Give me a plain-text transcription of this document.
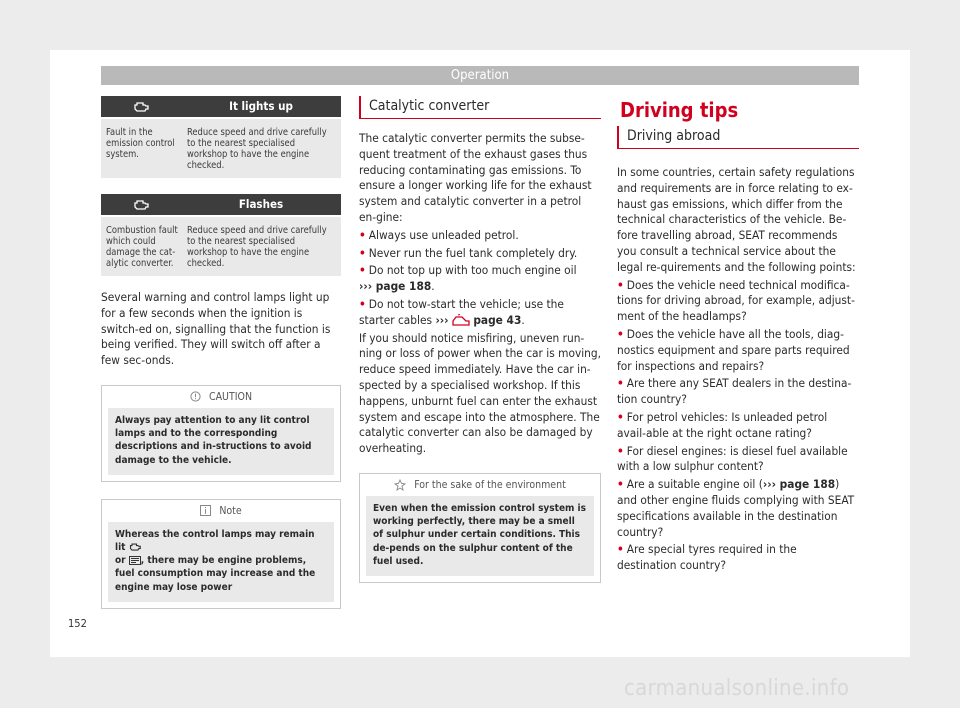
Operation
It lights up
Fault in the emission control system.
Reduce speed and drive carefully to the nearest specialised workshop to have the engine checked.
Flashes
Combustion fault which could damage the cat-alytic converter.
Reduce speed and drive carefully to the nearest specialised workshop to have the engine checked.

Several warning and control lamps light up for a few seconds when the ignition is switch-ed on, signalling that the function is being verified. They will switch off after a few sec-onds.

CAUTION
Always pay attention to any lit control lamps and to the corresponding descriptions and in-structions to avoid damage to the vehicle.
Note
Whereas the control lamps may remain lit
or , there may be engine problems, fuel consumption may increase and the engine may lose power
Catalytic converter

The catalytic converter permits the subse-quent treatment of the exhaust gases thus reducing contaminating gas emissions. To ensure a longer working life for the exhaust system and catalytic converter in a petrol en-gine:

• Always use unleaded petrol.

• Never run the fuel tank completely dry.

• Do not top up with too much engine oil
››› page 188.

• Do not tow-start the vehicle; use the starter cables ››› page 43.

If you should notice misfiring, uneven run-ning or loss of power when the car is moving, reduce speed immediately. Have the car in-spected by a specialised workshop. If this happens, unburnt fuel can enter the exhaust system and escape into the atmosphere. The catalytic converter can also be damaged by overheating.

For the sake of the environment
Even when the emission control system is working perfectly, there may be a smell of sulphur under certain conditions. This de-pends on the sulphur content of the fuel used.
Driving tips
Driving abroad

In some countries, certain safety regulations and requirements are in force relating to ex-haust gas emissions, which differ from the technical characteristics of the vehicle. Be-fore travelling abroad, SEAT recommends you consult a technical service about the legal re-quirements and the following points:

• Does the vehicle need technical modifica-tions for driving abroad, for example, adjust-ment of the headlamps?

• Does the vehicle have all the tools, diag-nostics equipment and spare parts required for inspections and repairs?

• Are there any SEAT dealers in the destina-tion country?

• For petrol vehicles: Is unleaded petrol avail-able at the right octane rating?

• For diesel engines: is diesel fuel available with a low sulphur content?

• Are a suitable engine oil (››› page 188) and other engine fluids complying with SEAT specifications available in the destination country?

• Are special tyres required in the destination country?

152
carmanualsonline.info
